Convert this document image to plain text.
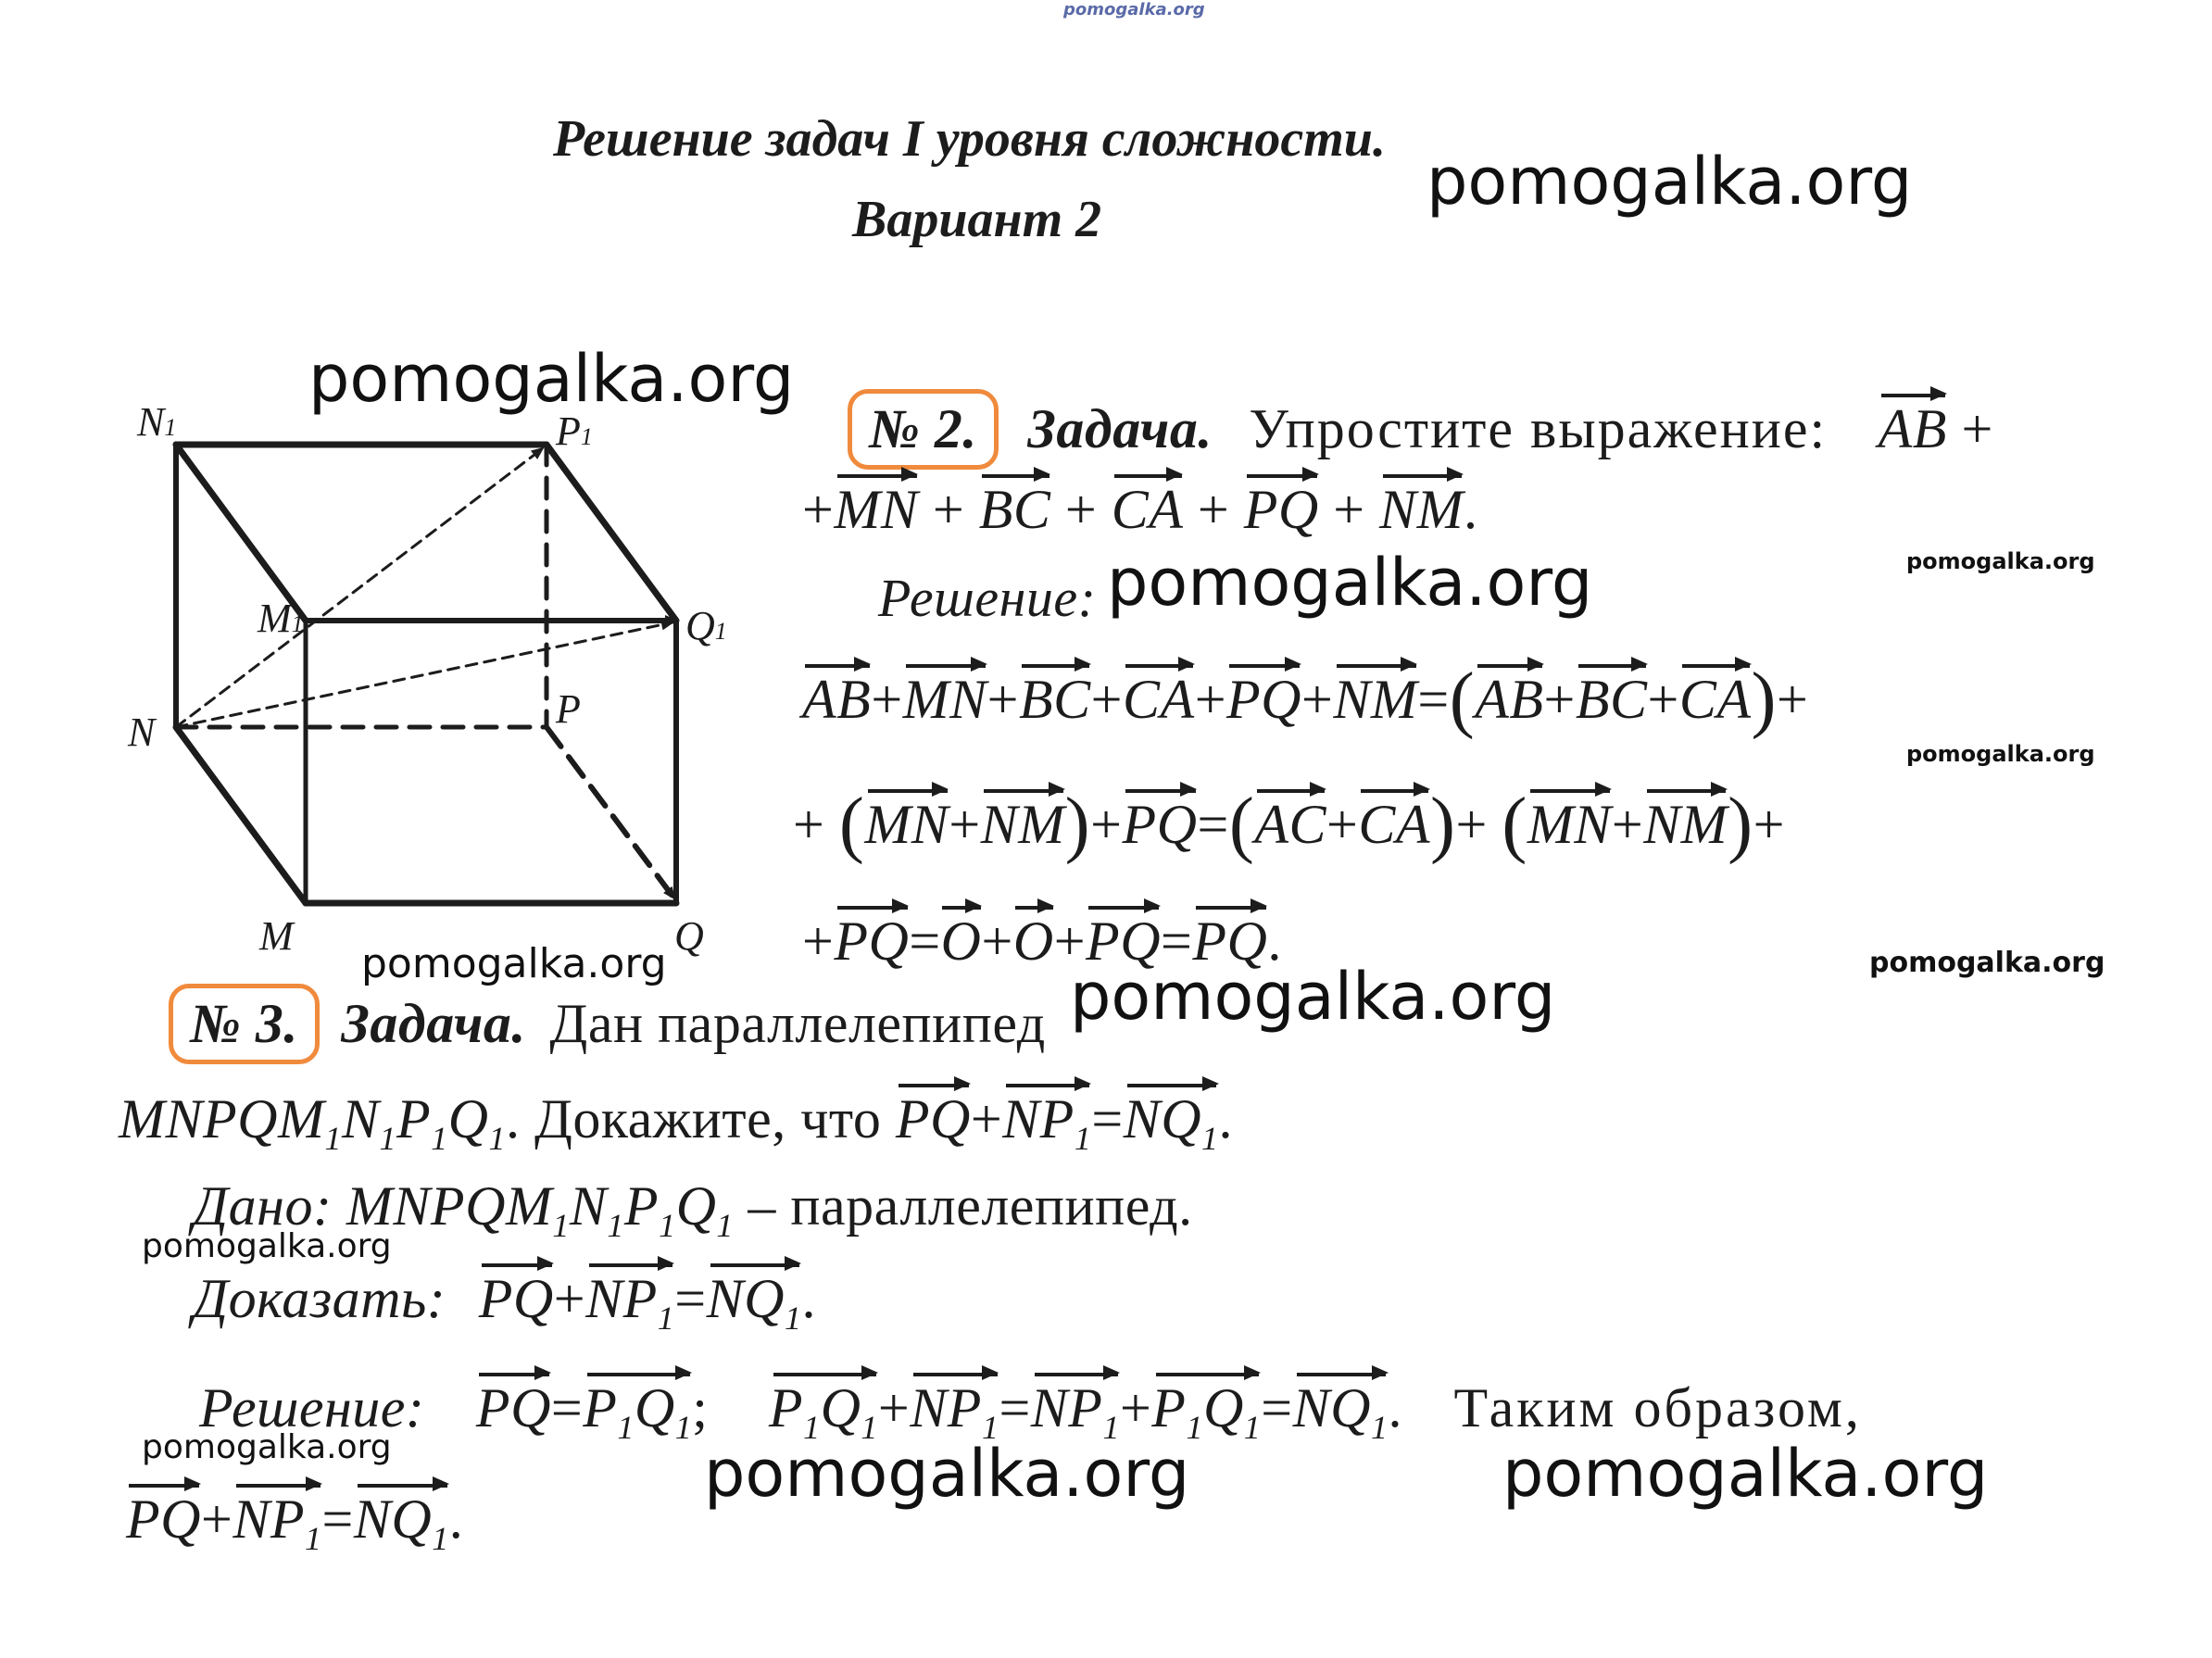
pomogalka.org
pomogalka.org
pomogalka.org
pomogalka.org	pomogalka.org
pomogalka.org
pomogalka.org	pomogalka.org	pomogalka.org
pomogalka.org
pomogalka.org	pomogalka.org	pomogalka.org
Решение задач I уровня сложности.
Вариант 2
N1	P1
M1	Q1
N
P
M	Q
№ 2. Задача. Упростите выражение: AB +
+MN + BC + CA + PQ + NM.
Решение:
AB+MN+BC+CA+PQ+NM=(AB+BC+CA)+
+ (MN+NM)+PQ=(AC+CA)+ (MN+NM)+
+PQ=O+O+PQ=PQ.
№ 3. Задача. Дан параллелепипед
$MNPQM_1N_1P_1Q_1$. Докажите, что $PQ+NP_1=NQ_1$.
Дано: $MNPQM_1N_1P_1Q_1$ – параллелепипед.
Доказать: $PQ+NP_1=NQ_1$.
Решение: $PQ=P_1Q_1$; $P_1Q_1+NP_1=NP_1+P_1Q_1=NQ_1$. Таким образом,
$PQ+NP_1=NQ_1$.
